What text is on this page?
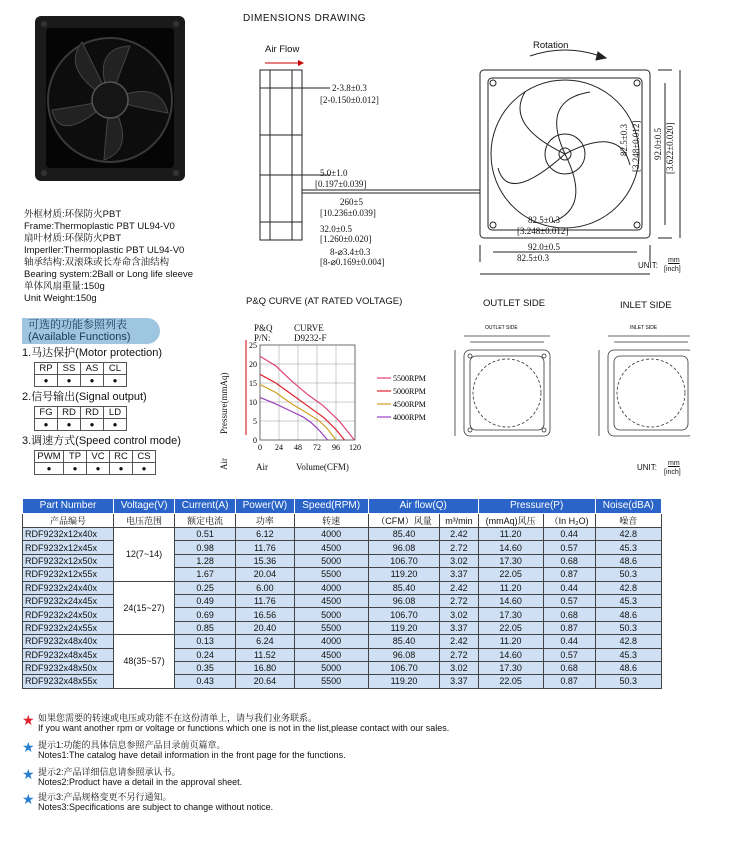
DIMENSIONS DRAWING
Air Flow	Rotation
2-3.8±0.3
[2-0.150±0.012]
5.0±1.0
[0.197±0.039]
260±5
[10.236±0.039]
32.0±0.5
[1.260±0.020]
8-⌀3.4±0.3
[8-⌀0.169±0.004]
82.5±0.3
[3.248±0.012]
92.0±0.5
82.5±0.3
82.5±0.3 [3.248±0.012] 92.0±0.5 [3.622±0.020]
UNIT:
mm
[inch]
外框材质:环保防火PBT
Frame:Thermoplastic PBT UL94-V0
扇叶材质:环保防火PBT
Imperller:Thermoplastic PBT UL94-V0
轴承结构:双滚珠或长寿命含油结构
Bearing system:2Ball or Long life sleeve
单体风扇重量:150g
Unit Weight:150g
可选的功能参照列表
(Available Functions)
1.马达保护(Motor protection)
RP	SS	AS	CL
●	●	●	●
2.信号输出(Signal output)
FG	RD	RD	LD
●	●	●	●
3.调速方式(Speed control mode)
PWM	TP	VC	RC	CS
●	●	●	●	●
P&Q CURVE (AT RATED VOLTAGE)
P&Q CURVE
P/N:	D9232-F
Pressure(mmAq)
Air	Air	Volume(CFM)
0
5
10
15
20
25
0 24 48 72 96 120
5500RPM
5000RPM
4500RPM
4000RPM
OUTLET SIDE	INLET SIDE
OUTLET SIDE	INLET SIDE
UNIT: mm
[inch]
Part Number	Voltage(V)	Current(A)	Power(W)	Speed(RPM)	Air flow(Q)		Pressure(P)		Noise(dBA)
产品编号	电压范围	额定电流	功率	转速	（CFM）风量	m³/min	(mmAq)风压	（In H₂O)	噪音
RDF9232x12x40x	12(7~14)	0.51	6.12	4000	85.40	2.42	11.20	0.44	42.8
RDF9232x12x45x		0.98	11.76	4500	96.08	2.72	14.60	0.57	45.3
RDF9232x12x50x		1.28	15.36	5000	106.70	3.02	17.30	0.68	48.6
RDF9232x12x55x		1.67	20.04	5500	119.20	3.37	22.05	0.87	50.3
RDF9232x24x40x	24(15~27)	0.25	6.00	4000	85.40	2.42	11.20	0.44	42.8
RDF9232x24x45x		0.49	11.76	4500	96.08	2.72	14.60	0.57	45.3
RDF9232x24x50x		0.69	16.56	5000	106.70	3.02	17.30	0.68	48.6
RDF9232x24x55x		0.85	20.40	5500	119.20	3.37	22.05	0.87	50.3
RDF9232x48x40x	48(35~57)	0.13	6.24	4000	85.40	2.42	11.20	0.44	42.8
RDF9232x48x45x		0.24	11.52	4500	96.08	2.72	14.60	0.57	45.3
RDF9232x48x50x		0.35	16.80	5000	106.70	3.02	17.30	0.68	48.6
RDF9232x48x55x		0.43	20.64	5500	119.20	3.37	22.05	0.87	50.3
★ 如果您需要的转速或电压或功能不在这份清单上，请与我们业务联系。
If you want another rpm or voltage or functions which one is not in the list,please contact with our sales.
★ 提示1:功能的具体信息参照产品目录前页篇章。
Notes1:The catalog have detail information in the front page for the functions.
★ 提示2:产品详细信息请参照承认书。
Notes2:Product have a detail in the approval sheet.
★ 提示3:产品规格变更不另行通知。
Notes3:Specifications are subject to change without notice.
